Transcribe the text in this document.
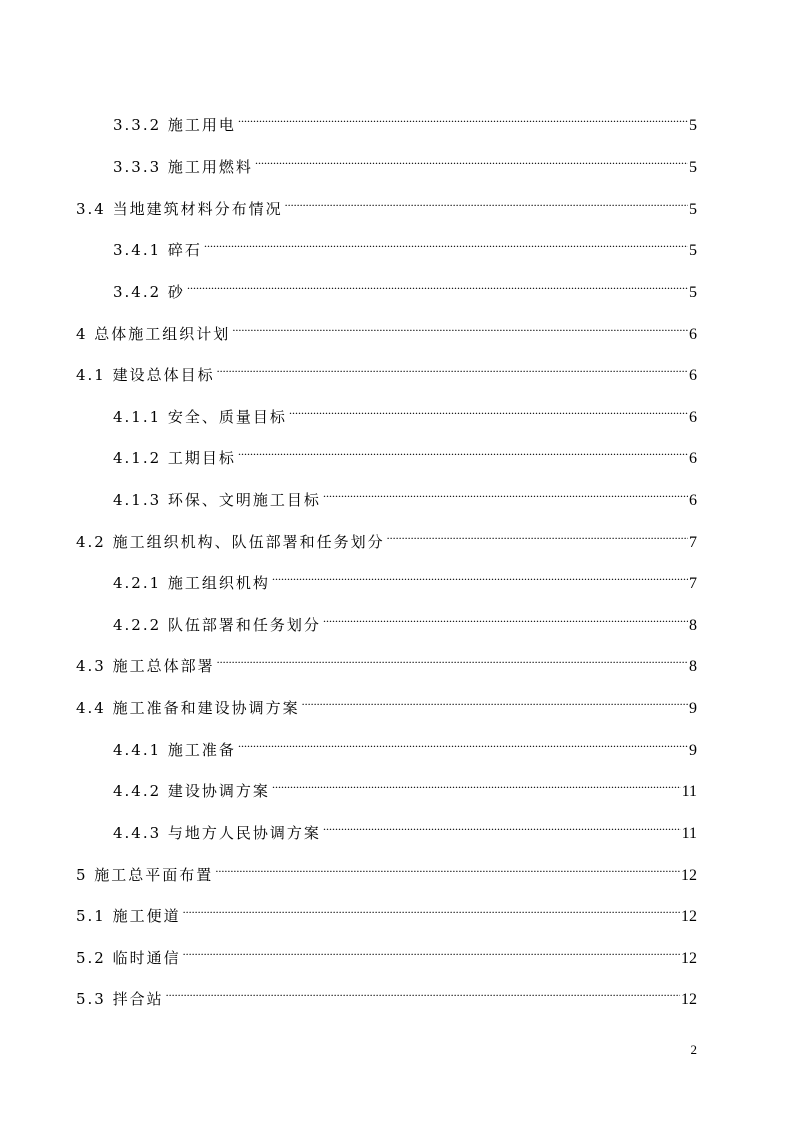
3.3.2 施工用电 .....	5
3.3.3 施工用燃料 .....	5
3.4 当地建筑材料分布情况 .....	5
3.4.1 碎石 .....	5
3.4.2 砂 .....	5
4 总体施工组织计划 .....	6
4.1 建设总体目标 .....	6
4.1.1 安全、质量目标 .....	6
4.1.2 工期目标 .....	6
4.1.3 环保、文明施工目标 .....	6
4.2 施工组织机构、队伍部署和任务划分 .....	7
4.2.1 施工组织机构 .....	7
4.2.2 队伍部署和任务划分 .....	8
4.3 施工总体部署 .....	8
4.4 施工准备和建设协调方案 .....	9
4.4.1 施工准备 .....	9
4.4.2 建设协调方案 .....	11
4.4.3 与地方人民协调方案 .....	11
5 施工总平面布置 .....	12
5.1 施工便道 .....	12
5.2 临时通信 .....	12
5.3 拌合站 .....	12
2
